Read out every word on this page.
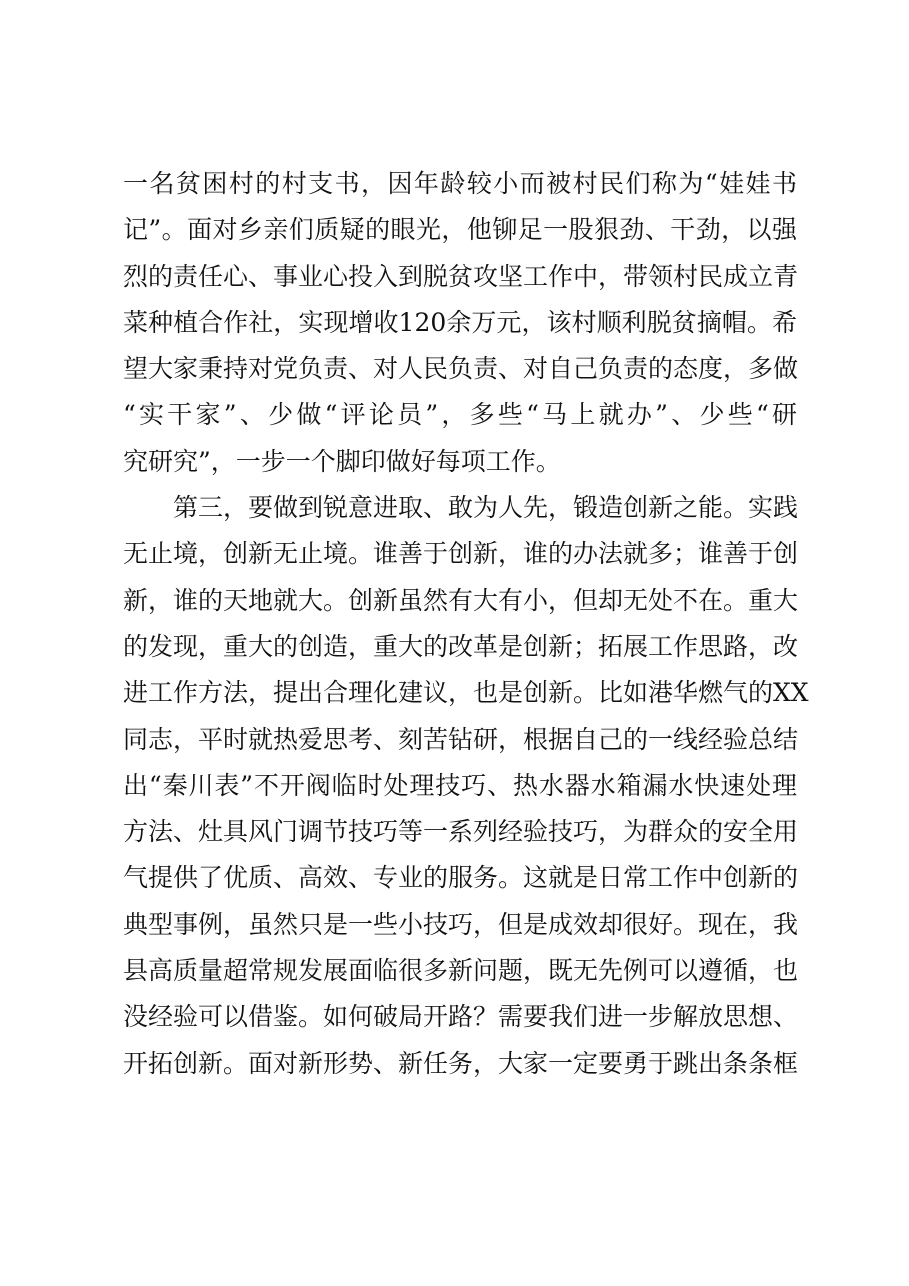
一名贫困村的村支书，因年龄较小而被村民们称为“娃娃书
记”。面对乡亲们质疑的眼光，他铆足一股狠劲、干劲，以强
烈的责任心、事业心投入到脱贫攻坚工作中，带领村民成立青
菜种植合作社，实现增收120余万元，该村顺利脱贫摘帽。希
望大家秉持对党负责、对人民负责、对自己负责的态度，多做
“实干家”、少做“评论员”，多些“马上就办”、少些“研
究研究”，一步一个脚印做好每项工作。
　　第三，要做到锐意进取、敢为人先，锻造创新之能。实践
无止境，创新无止境。谁善于创新，谁的办法就多；谁善于创
新，谁的天地就大。创新虽然有大有小，但却无处不在。重大
的发现，重大的创造，重大的改革是创新；拓展工作思路，改
进工作方法，提出合理化建议，也是创新。比如港华燃气的XX
同志，平时就热爱思考、刻苦钻研，根据自己的一线经验总结
出“秦川表”不开阀临时处理技巧、热水器水箱漏水快速处理
方法、灶具风门调节技巧等一系列经验技巧，为群众的安全用
气提供了优质、高效、专业的服务。这就是日常工作中创新的
典型事例，虽然只是一些小技巧，但是成效却很好。现在，我
县高质量超常规发展面临很多新问题，既无先例可以遵循，也
没经验可以借鉴。如何破局开路？需要我们进一步解放思想、
开拓创新。面对新形势、新任务，大家一定要勇于跳出条条框
